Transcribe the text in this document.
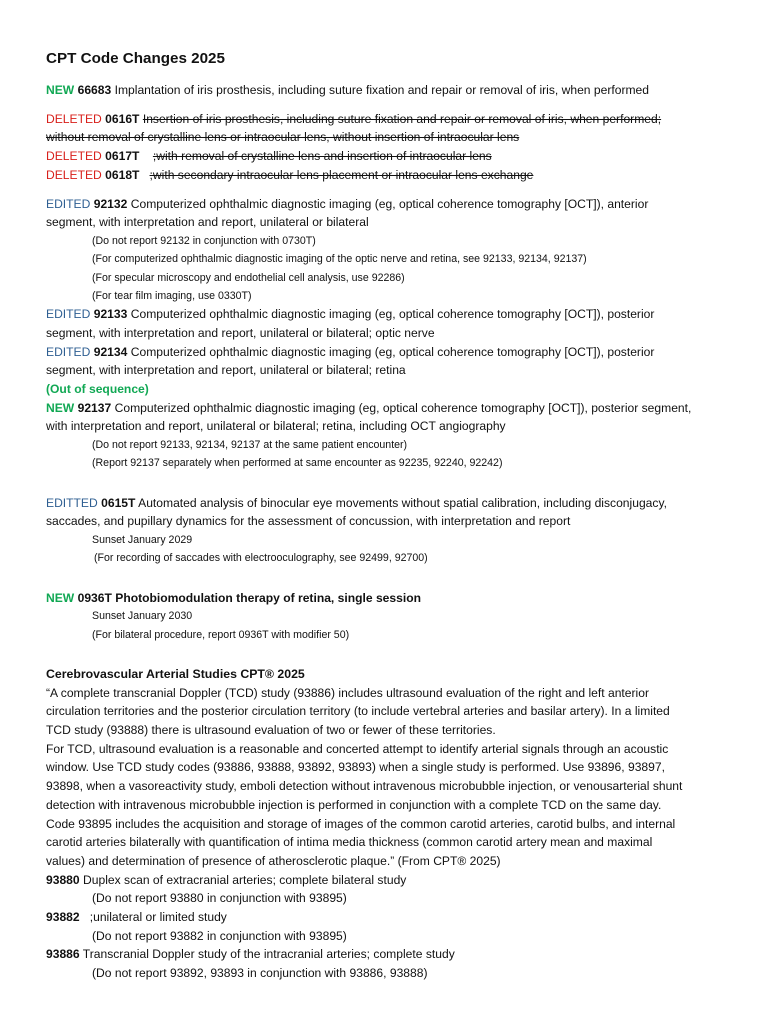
CPT Code Changes 2025
NEW 66683 Implantation of iris prosthesis, including suture fixation and repair or removal of iris, when performed
DELETED 0616T Insertion of iris prosthesis, including suture fixation and repair or removal of iris, when performed;
without removal of crystalline lens or intraocular lens, without insertion of intraocular lens
DELETED 0617T ;with removal of crystalline lens and insertion of intraocular lens
DELETED 0618T ;with secondary intraocular lens placement or intraocular lens exchange
EDITED 92132 Computerized ophthalmic diagnostic imaging (eg, optical coherence tomography [OCT]), anterior
segment, with interpretation and report, unilateral or bilateral
(Do not report 92132 in conjunction with 0730T)
(For computerized ophthalmic diagnostic imaging of the optic nerve and retina, see 92133, 92134, 92137)
(For specular microscopy and endothelial cell analysis, use 92286)
(For tear film imaging, use 0330T)
EDITED 92133 Computerized ophthalmic diagnostic imaging (eg, optical coherence tomography [OCT]), posterior
segment, with interpretation and report, unilateral or bilateral; optic nerve
EDITED 92134 Computerized ophthalmic diagnostic imaging (eg, optical coherence tomography [OCT]), posterior
segment, with interpretation and report, unilateral or bilateral; retina
(Out of sequence)
NEW 92137 Computerized ophthalmic diagnostic imaging (eg, optical coherence tomography [OCT]), posterior segment,
with interpretation and report, unilateral or bilateral; retina, including OCT angiography
(Do not report 92133, 92134, 92137 at the same patient encounter)
(Report 92137 separately when performed at same encounter as 92235, 92240, 92242)
EDITTED 0615T Automated analysis of binocular eye movements without spatial calibration, including disconjugacy,
saccades, and pupillary dynamics for the assessment of concussion, with interpretation and report
Sunset January 2029
(For recording of saccades with electrooculography, see 92499, 92700)
NEW 0936T Photobiomodulation therapy of retina, single session
Sunset January 2030
(For bilateral procedure, report 0936T with modifier 50)
Cerebrovascular Arterial Studies CPT® 2025
“A complete transcranial Doppler (TCD) study (93886) includes ultrasound evaluation of the right and left anterior
circulation territories and the posterior circulation territory (to include vertebral arteries and basilar artery). In a limited
TCD study (93888) there is ultrasound evaluation of two or fewer of these territories.
For TCD, ultrasound evaluation is a reasonable and concerted attempt to identify arterial signals through an acoustic
window. Use TCD study codes (93886, 93888, 93892, 93893) when a single study is performed. Use 93896, 93897,
93898, when a vasoreactivity study, emboli detection without intravenous microbubble injection, or venousarterial shunt
detection with intravenous microbubble injection is performed in conjunction with a complete TCD on the same day.
Code 93895 includes the acquisition and storage of images of the common carotid arteries, carotid bulbs, and internal
carotid arteries bilaterally with quantification of intima media thickness (common carotid artery mean and maximal
values) and determination of presence of atherosclerotic plaque.” (From CPT® 2025)
93880 Duplex scan of extracranial arteries; complete bilateral study
(Do not report 93880 in conjunction with 93895)
93882 ;unilateral or limited study
(Do not report 93882 in conjunction with 93895)
93886 Transcranial Doppler study of the intracranial arteries; complete study
(Do not report 93892, 93893 in conjunction with 93886, 93888)
